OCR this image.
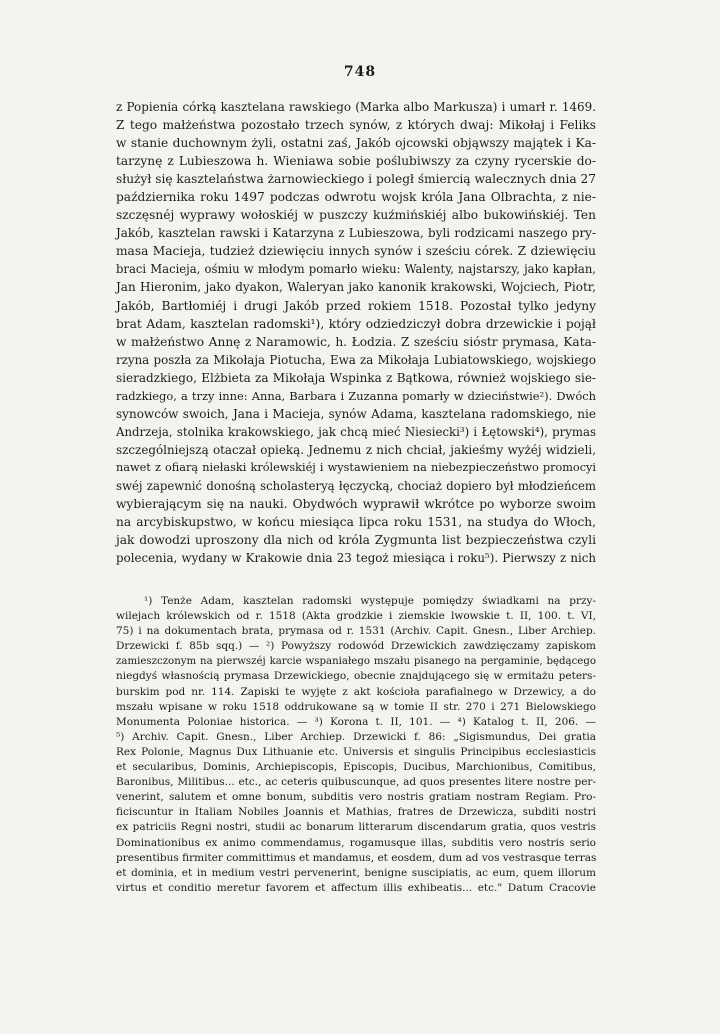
748
z Popienia córką kasztelana rawskiego (Marka albo Markusza) i umarł r. 1469.
Z tego małżeństwa pozostało trzech synów, z których dwaj: Mikołaj i Feliks
w stanie duchownym żyli, ostatni zaś, Jakób ojcowski objąwszy majątek i Ka-
tarzynę z Lubieszowa h. Wieniawa sobie poślubiwszy za czyny rycerskie do-
służył się kasztelaństwa żarnowieckiego i poległ śmiercią walecznych dnia 27
października roku 1497 podczas odwrotu wojsk króla Jana Olbrachta, z nie-
szczęsnéj wyprawy wołoskiéj w puszczy kuźmińskiéj albo bukowińskiéj. Ten
Jakób, kasztelan rawski i Katarzyna z Lubieszowa, byli rodzicami naszego pry-
masa Macieja, tudzież dziewięciu innych synów i sześciu córek. Z dziewięciu
braci Macieja, ośmiu w młodym pomarło wieku: Walenty, najstarszy, jako kapłan,
Jan Hieronim, jako dyakon, Waleryan jako kanonik krakowski, Wojciech, Piotr,
Jakób, Bartłomiéj i drugi Jakób przed rokiem 1518. Pozostał tylko jedyny
brat Adam, kasztelan radomski¹), który odziedziczył dobra drzewickie i pojął
w małżeństwo Annę z Naramowic, h. Łodzia. Z sześciu sióstr prymasa, Kata-
rzyna poszła za Mikołaja Piotucha, Ewa za Mikołaja Lubiatowskiego, wojskiego
sieradzkiego, Elżbieta za Mikołaja Wspinka z Bątkowa, również wojskiego sie-
radzkiego, a trzy inne: Anna, Barbara i Zuzanna pomarły w dzieciństwie²). Dwóch
synowców swoich, Jana i Macieja, synów Adama, kasztelana radomskiego, nie
Andrzeja, stolnika krakowskiego, jak chcą mieć Niesiecki³) i Łętowski⁴), prymas
szczególniejszą otaczał opieką. Jednemu z nich chciał, jakieśmy wyżéj widzieli,
nawet z ofiarą niełaski królewskiéj i wystawieniem na niebezpieczeństwo promocyi
swéj zapewnić donośną scholasteryą łęczycką, chociaż dopiero był młodzieńcem
wybierającym się na nauki. Obydwóch wyprawił wkrótce po wyborze swoim
na arcybiskupstwo, w końcu miesiąca lipca roku 1531, na studya do Włoch,
jak dowodzi uproszony dla nich od króla Zygmunta list bezpieczeństwa czyli
polecenia, wydany w Krakowie dnia 23 tegoż miesiąca i roku⁵). Pierwszy z nich
¹) Tenże Adam, kasztelan radomski występuje pomiędzy świadkami na przy-
wilejach królewskich od r. 1518 (Akta grodzkie i ziemskie lwowskie t. II, 100. t. VI,
75) i na dokumentach brata, prymasa od r. 1531 (Archiv. Capit. Gnesn., Liber Archiep.
Drzewicki f. 85b sqq.) — ²) Powyższy rodowód Drzewickich zawdzięczamy zapiskom
zamieszczonym na pierwszéj karcie wspaniałego mszału pisanego na pergaminie, będącego
niegdyś własnością prymasa Drzewickiego, obecnie znajdującego się w ermitażu peters-
burskim pod nr. 114. Zapiski te wyjęte z akt kościoła parafialnego w Drzewicy, a do
mszału wpisane w roku 1518 oddrukowane są w tomie II str. 270 i 271 Bielowskiego
Monumenta Poloniae historica. — ³) Korona t. II, 101. — ⁴) Katalog t. II, 206. —
⁵) Archiv. Capit. Gnesn., Liber Archiep. Drzewicki f. 86: „Sigismundus, Dei gratia
Rex Polonie, Magnus Dux Lithuanie etc. Universis et singulis Principibus ecclesiasticis
et secularibus, Dominis, Archiepiscopis, Episcopis, Ducibus, Marchionibus, Comitibus,
Baronibus, Militibus... etc., ac ceteris quibuscunque, ad quos presentes litere nostre per-
venerint, salutem et omne bonum, subditis vero nostris gratiam nostram Regiam. Pro-
ficiscuntur in Italiam Nobiles Joannis et Mathias, fratres de Drzewicza, subditi nostri
ex patriciis Regni nostri, studii ac bonarum litterarum discendarum gratia, quos vestris
Dominationibus ex animo commendamus, rogamusque illas, subditis vero nostris serio
presentibus firmiter committimus et mandamus, et eosdem, dum ad vos vestrasque terras
et dominia, et in medium vestri pervenerint, benigne suscipiatis, ac eum, quem illorum
virtus et conditio meretur favorem et affectum illis exhibeatis... etc." Datum Cracovie
